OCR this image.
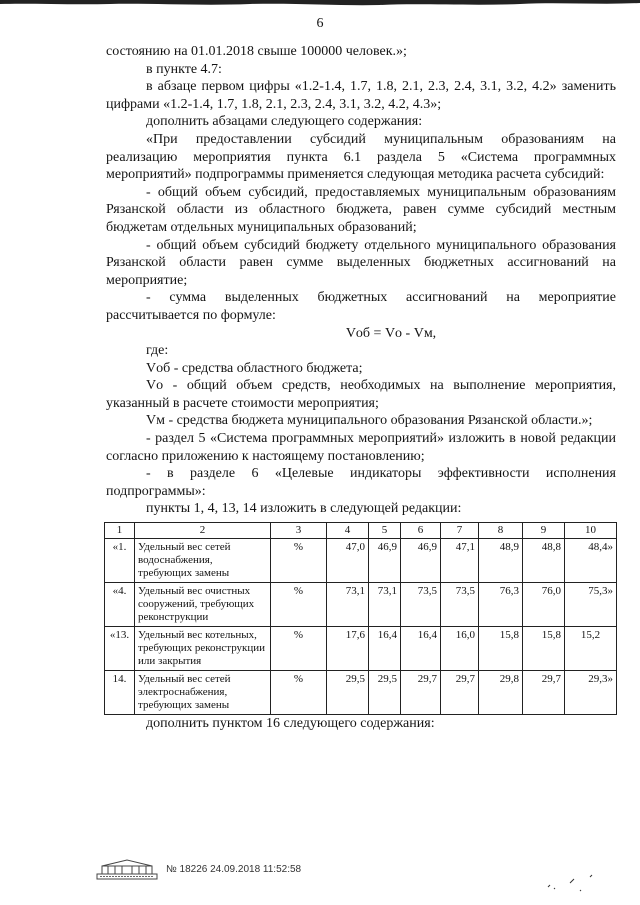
6

состоянию на 01.01.2018 свыше 100000 человек.»;

в пункте 4.7:

в абзаце первом цифры «1.2-1.4, 1.7, 1.8, 2.1, 2.3, 2.4, 3.1, 3.2, 4.2» заменить цифрами «1.2-1.4, 1.7, 1.8, 2.1, 2.3, 2.4, 3.1, 3.2, 4.2, 4.3»;

дополнить абзацами следующего содержания:

«При предоставлении субсидий муниципальным образованиям на реализацию мероприятия пункта 6.1 раздела 5 «Система программных мероприятий» подпрограммы применяется следующая методика расчета субсидий:

- общий объем субсидий, предоставляемых муниципальным образованиям Рязанской области из областного бюджета, равен сумме субсидий местным бюджетам отдельных муниципальных образований;

- общий объем субсидий бюджету отдельного муниципального образования Рязанской области равен сумме выделенных бюджетных ассигнований на мероприятие;

- сумма выделенных бюджетных ассигнований на мероприятие рассчитывается по формуле:

Vоб = Vо - Vм,

где:

Vоб - средства областного бюджета;

Vо - общий объем средств, необходимых на выполнение мероприятия, указанный в расчете стоимости мероприятия;

Vм - средства бюджета муниципального образования Рязанской области.»;

- раздел 5 «Система программных мероприятий» изложить в новой редакции согласно приложению к настоящему постановлению;

- в разделе 6 «Целевые индикаторы эффективности исполнения подпрограммы»:

пункты 1, 4, 13, 14 изложить в следующей редакции:

1	2	3	4	5	6	7	8	9	10
«1.	Удельный вес сетей водоснабжения, требующих замены	%	47,0	46,9	46,9	47,1	48,9	48,8	48,4»
«4.	Удельный вес очистных сооружений, требующих реконструкции	%	73,1	73,1	73,5	73,5	76,3	76,0	75,3»
«13.	Удельный вес котельных, требующих реконструкции или закрытия	%	17,6	16,4	16,4	16,0	15,8	15,8	15,2
14.	Удельный вес сетей электроснабжения, требующих замены	%	29,5	29,5	29,7	29,7	29,8	29,7	29,3»

дополнить пунктом 16 следующего содержания:

№ 18226 24.09.2018 11:52:58
